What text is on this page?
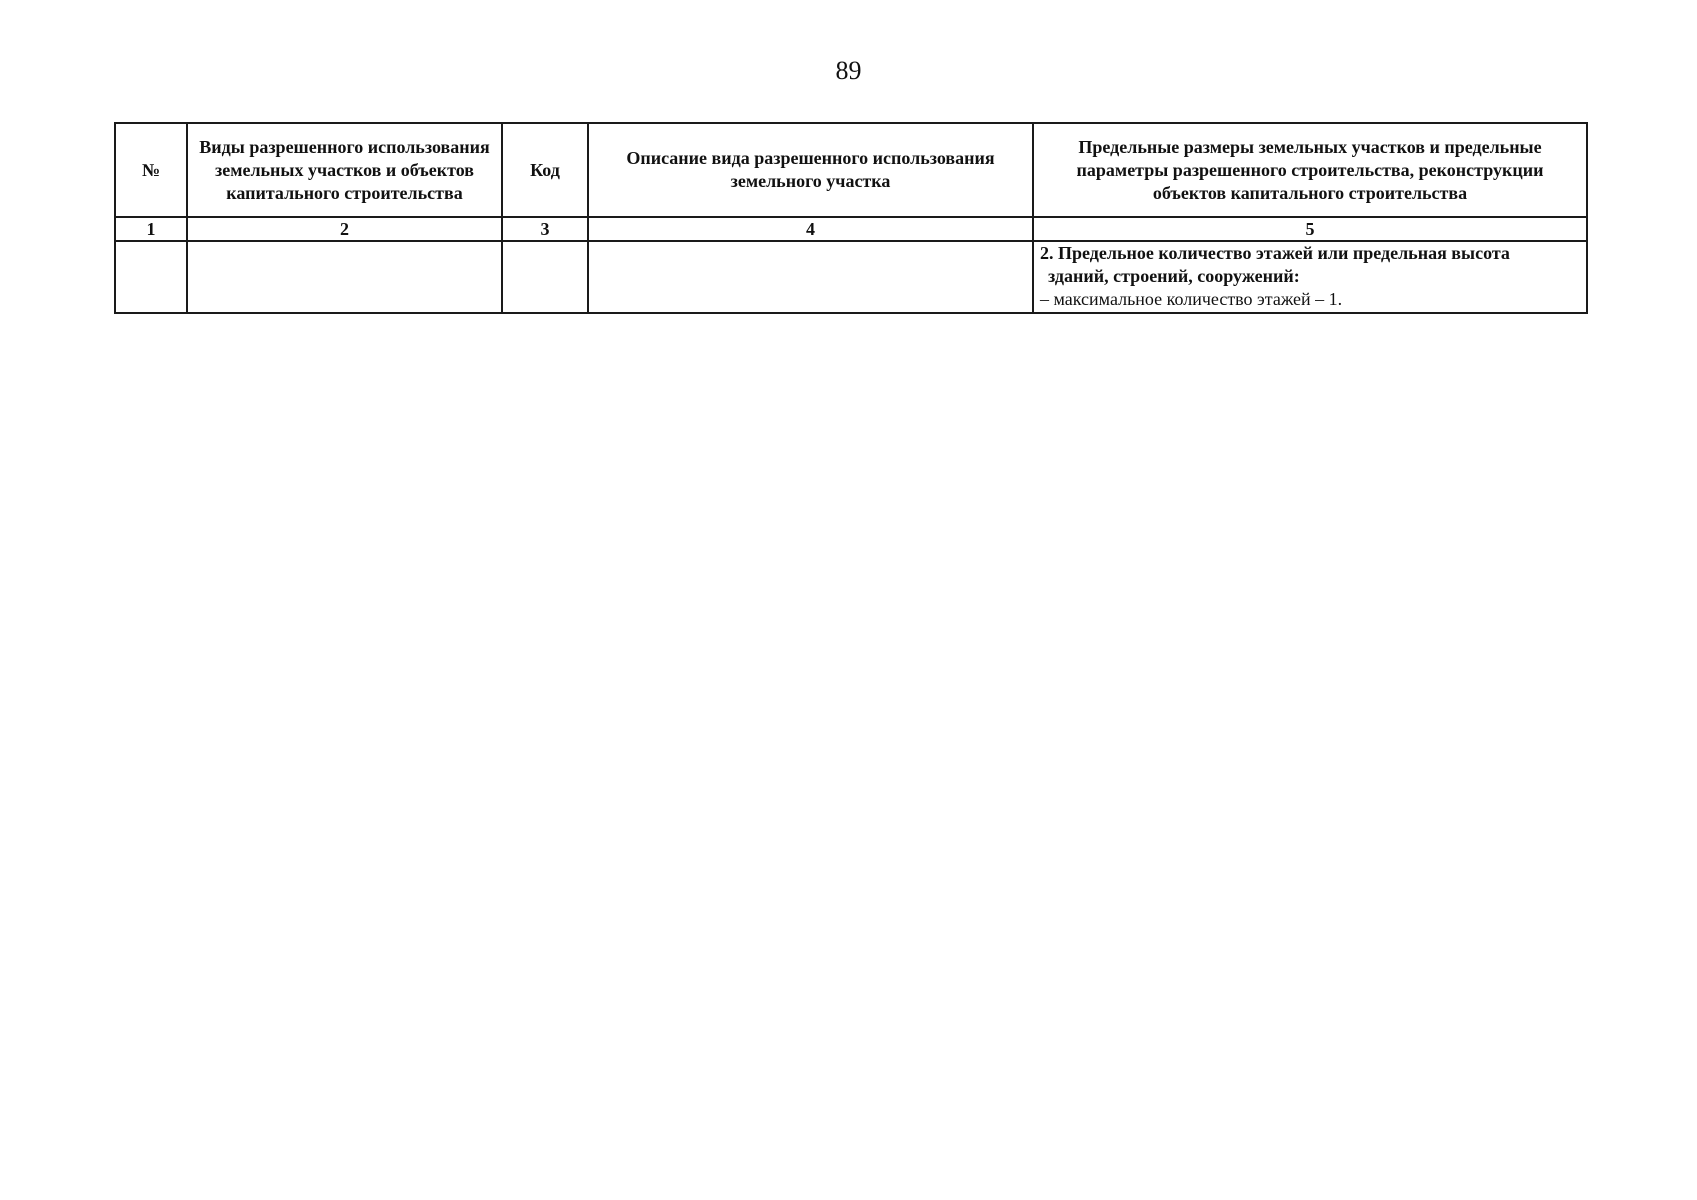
89
№	Виды разрешенного использования земельных участков и объектов капитального строительства	Код	Описание вида разрешенного использования земельного участка	Предельные размеры земельных участков и предельные параметры разрешенного строительства, реконструкции объектов капитального строительства
1	2	3	4	5

				2. Предельное количество этажей или предельная высота
зданий, строений, сооружений:
– максимальное количество этажей – 1.
